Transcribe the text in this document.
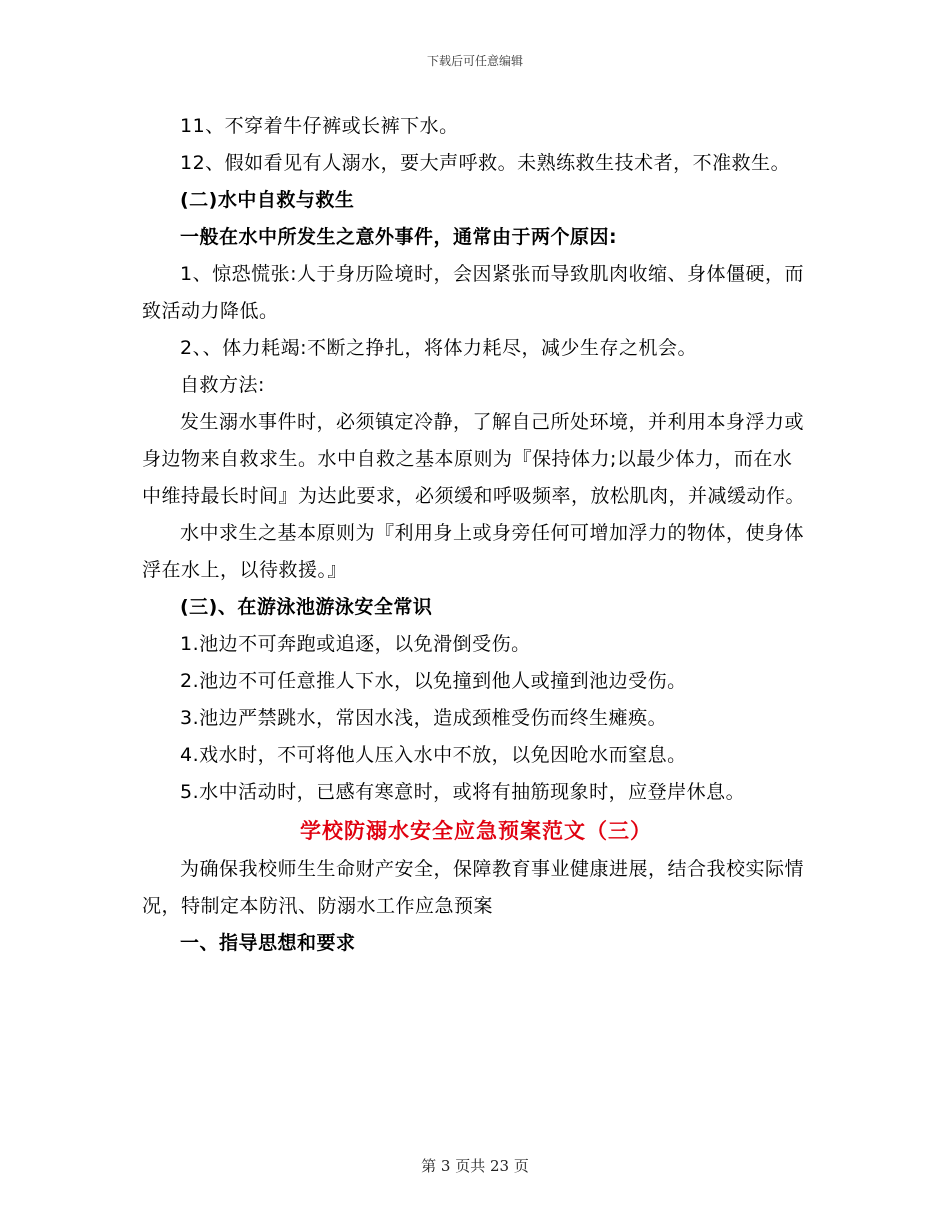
下载后可任意编辑

11、不穿着牛仔裤或长裤下水。

12、假如看见有人溺水，要大声呼救。未熟练救生技术者，不准救生。

(二)水中自救与救生

一般在水中所发生之意外事件，通常由于两个原因:

1、惊恐慌张:人于身历险境时，会因紧张而导致肌肉收缩、身体僵硬，而致活动力降低。

2、、体力耗竭:不断之挣扎，将体力耗尽，减少生存之机会。

自救方法:

发生溺水事件时，必须镇定冷静，了解自己所处环境，并利用本身浮力或身边物来自救求生。水中自救之基本原则为『保持体力;以最少体力，而在水中维持最长时间』为达此要求，必须缓和呼吸频率，放松肌肉，并减缓动作。

水中求生之基本原则为『利用身上或身旁任何可增加浮力的物体，使身体浮在水上，以待救援。』

(三)、在游泳池游泳安全常识

1.池边不可奔跑或追逐，以免滑倒受伤。

2.池边不可任意推人下水，以免撞到他人或撞到池边受伤。

3.池边严禁跳水，常因水浅，造成颈椎受伤而终生瘫痪。

4.戏水时，不可将他人压入水中不放，以免因呛水而窒息。

5.水中活动时，已感有寒意时，或将有抽筋现象时，应登岸休息。

学校防溺水安全应急预案范文（三）

为确保我校师生生命财产安全，保障教育事业健康进展，结合我校实际情况，特制定本防汛、防溺水工作应急预案

一、指导思想和要求

第 3 页共 23 页
